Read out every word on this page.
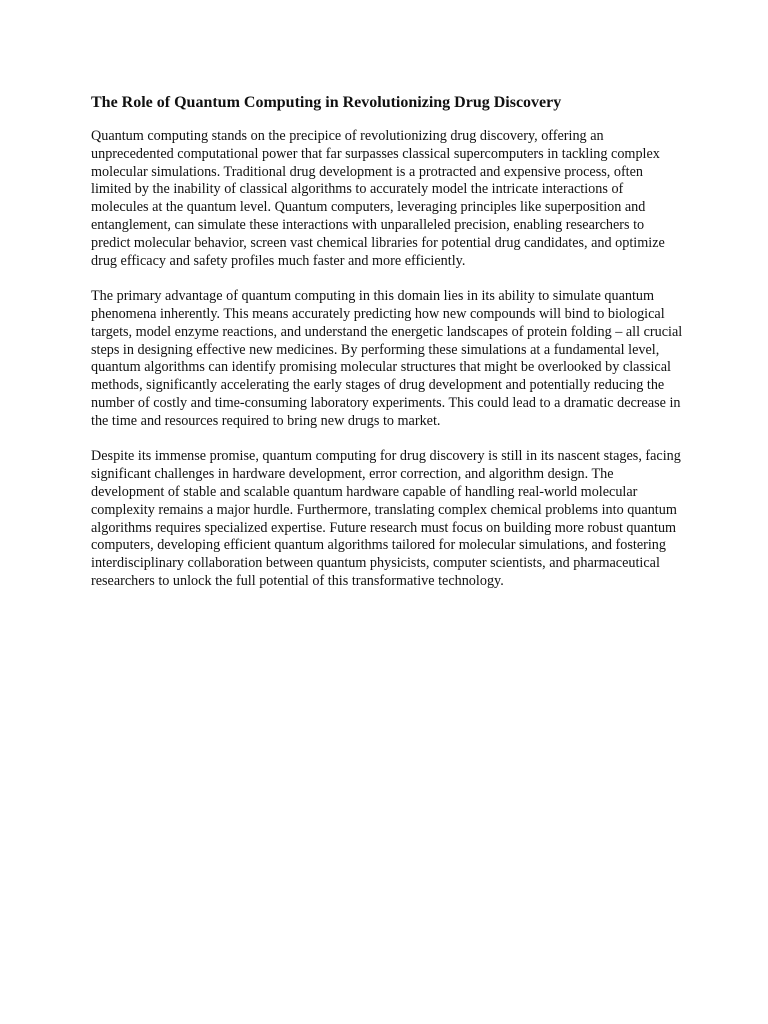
The Role of Quantum Computing in Revolutionizing Drug Discovery

Quantum computing stands on the precipice of revolutionizing drug discovery, offering an unprecedented computational power that far surpasses classical supercomputers in tackling complex molecular simulations. Traditional drug development is a protracted and expensive process, often limited by the inability of classical algorithms to accurately model the intricate interactions of molecules at the quantum level. Quantum computers, leveraging principles like superposition and entanglement, can simulate these interactions with unparalleled precision, enabling researchers to predict molecular behavior, screen vast chemical libraries for potential drug candidates, and optimize drug efficacy and safety profiles much faster and more efficiently.

The primary advantage of quantum computing in this domain lies in its ability to simulate quantum phenomena inherently. This means accurately predicting how new compounds will bind to biological targets, model enzyme reactions, and understand the energetic landscapes of protein folding – all crucial steps in designing effective new medicines. By performing these simulations at a fundamental level, quantum algorithms can identify promising molecular structures that might be overlooked by classical methods, significantly accelerating the early stages of drug development and potentially reducing the number of costly and time-consuming laboratory experiments. This could lead to a dramatic decrease in the time and resources required to bring new drugs to market.

Despite its immense promise, quantum computing for drug discovery is still in its nascent stages, facing significant challenges in hardware development, error correction, and algorithm design. The development of stable and scalable quantum hardware capable of handling real-world molecular complexity remains a major hurdle. Furthermore, translating complex chemical problems into quantum algorithms requires specialized expertise. Future research must focus on building more robust quantum computers, developing efficient quantum algorithms tailored for molecular simulations, and fostering interdisciplinary collaboration between quantum physicists, computer scientists, and pharmaceutical researchers to unlock the full potential of this transformative technology.
